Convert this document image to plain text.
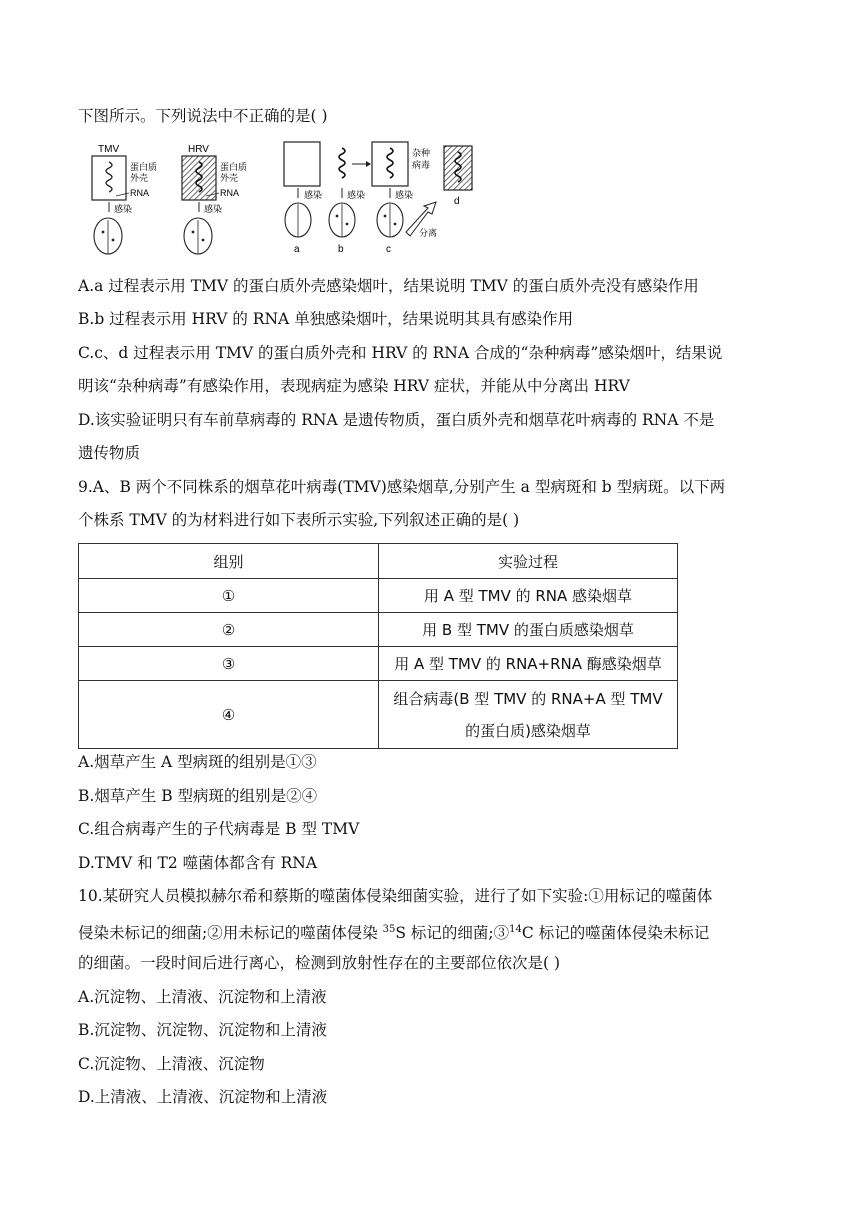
下图所示。下列说法中不正确的是( )
TMV
蛋白质
外壳
RNA
感染
HRV
蛋白质
外壳
RNA
感染
感染
a
感染
b
杂种
病毒
感染
c
分离
d
A.a 过程表示用 TMV 的蛋白质外壳感染烟叶，结果说明 TMV 的蛋白质外壳没有感染作用
B.b 过程表示用 HRV 的 RNA 单独感染烟叶，结果说明其具有感染作用
C.c、d 过程表示用 TMV 的蛋白质外壳和 HRV 的 RNA 合成的“杂种病毒”感染烟叶，结果说
明该“杂种病毒”有感染作用，表现病症为感染 HRV 症状，并能从中分离出 HRV
D.该实验证明只有车前草病毒的 RNA 是遗传物质，蛋白质外壳和烟草花叶病毒的 RNA 不是
遗传物质
9.A、B 两个不同株系的烟草花叶病毒(TMV)感染烟草,分别产生 a 型病斑和 b 型病斑。以下两
个株系 TMV 的为材料进行如下表所示实验,下列叙述正确的是( )
组别	实验过程
①	用 A 型 TMV 的 RNA 感染烟草
②	用 B 型 TMV 的蛋白质感染烟草
③	用 A 型 TMV 的 RNA+RNA 酶感染烟草
④	组合病毒(B 型 TMV 的 RNA+A 型 TMV
的蛋白质)感染烟草
A.烟草产生 A 型病斑的组别是①③
B.烟草产生 B 型病斑的组别是②④
C.组合病毒产生的子代病毒是 B 型 TMV
D.TMV 和 T2 噬菌体都含有 RNA
10.某研究人员模拟赫尔希和蔡斯的噬菌体侵染细菌实验，进行了如下实验:①用标记的噬菌体
侵染未标记的细菌;②用未标记的噬菌体侵染 $^{35}$S 标记的细菌;③$^{14}$C 标记的噬菌体侵染未标记
的细菌。一段时间后进行离心，检测到放射性存在的主要部位依次是( )
A.沉淀物、上清液、沉淀物和上清液
B.沉淀物、沉淀物、沉淀物和上清液
C.沉淀物、上清液、沉淀物
D.上清液、上清液、沉淀物和上清液
